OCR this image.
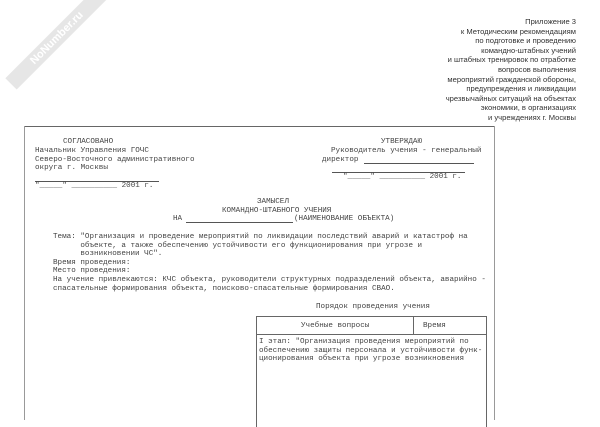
NoNumber.ru	Приложение 3
к Методическим рекомендациям
по подготовке и проведению
командно-штабных учений
и штабных тренировок по отработке
вопросов выполнения
мероприятий гражданской обороны,
предупреждения и ликвидации
чрезвычайных ситуаций на объектах
экономики, в организациях
и учреждениях г. Москвы
СОГЛАСОВАНО
Начальник Управления ГОЧС
Северо-Восточного административного
округа г. Москвы
"_____" __________ 2001 г.
УТВЕРЖДАЮ
Руководитель учения - генеральный
директор
"_____" __________ 2001 г.
ЗАМЫСЕЛ
КОМАНДНО-ШТАБНОГО УЧЕНИЯ
НА	(НАИМЕНОВАНИЕ ОБЪЕКТА)
Тема: "Организация и проведение мероприятий по ликвидации последствий аварий и катастроф на
объекте, а также обеспечению устойчивости его функционирования при угрозе и
возникновении ЧС".
Время проведения:
Место проведения:
На учение привлекаются: КЧС объекта, руководители структурных подразделений объекта, аварийно -
спасательные формирования объекта, поисково-спасательные формирования СВАО.
Порядок проведения учения
Учебные вопросы	Время
I этап: "Организация проведения мероприятий по
обеспечению защиты персонала и устойчивости функ-
ционирования объекта при угрозе возникновения
